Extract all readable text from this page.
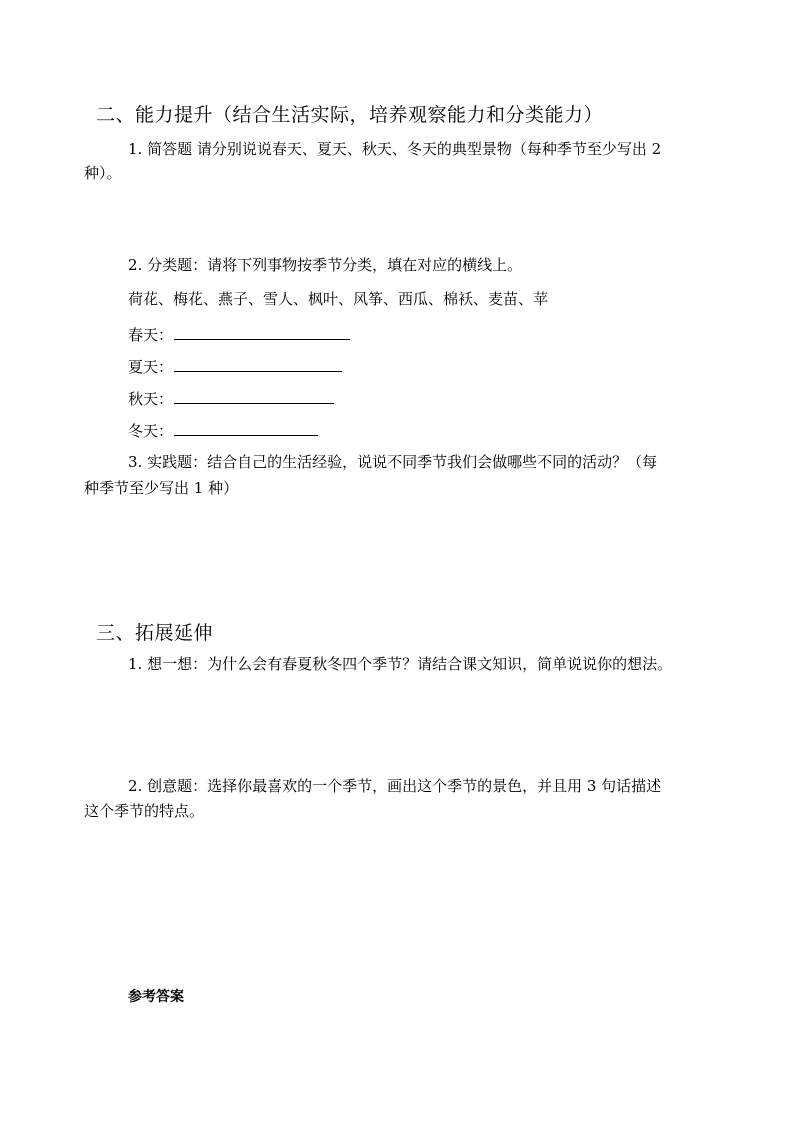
二、能力提升（结合生活实际，培养观察能力和分类能力）
1. 简答题 请分别说说春天、夏天、秋天、冬天的典型景物（每种季节至少写出 2
种）。
2. 分类题：请将下列事物按季节分类，填在对应的横线上。
荷花、梅花、燕子、雪人、枫叶、风筝、西瓜、棉袄、麦苗、苹
春天：
夏天：
秋天：
冬天：
3. 实践题：结合自己的生活经验，说说不同季节我们会做哪些不同的活动？（每
种季节至少写出 1 种）
三、拓展延伸
1. 想一想：为什么会有春夏秋冬四个季节？请结合课文知识，简单说说你的想法。
2. 创意题：选择你最喜欢的一个季节，画出这个季节的景色，并且用 3 句话描述
这个季节的特点。
参考答案
